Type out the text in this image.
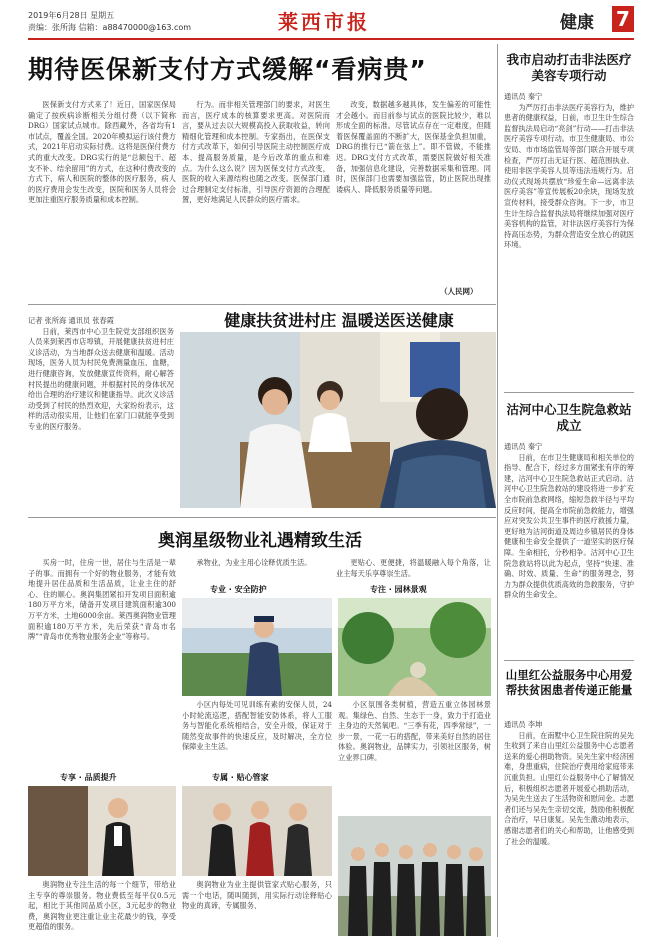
2019年6月28日 星期五
责编：张所海 信箱：a88470000@163.com	莱西市报	健康 7
期待医保新支付方式缓解“看病贵”

医保新支付方式来了！近日，国家医保局确定了按疾病诊断相关分组付费（以下简称DRG）国家试点城市。除西藏外，各省均有1市试点，覆盖全国。2020年模拟运行该付费方式，2021年启动实际付费。这将是医保付费方式的重大改变。DRG实行的是“总额包干、超支不补、结余留用”的方式，在这种付费改变的方式下，病人和医院的整体的医疗服务，病人的医疗费用会发生改变，医院和医务人员将会更加注重医疗服务质量和成本控制。

行为。而非相关管理部门的要求，对医生而言，医疗成本的核算要求更高。对医院而言，要从过去以大规模高投入获取收益，转向精细化管理和成本控制。专家指出，在医保支付方式改革下，如何引导医院主动控制医疗成本、提高服务质量，是今后改革的重点和难点。为什么这么说？因为医保支付方式改变，医院的收入来源结构也随之改变。医保部门通过合理制定支付标准，引导医疗资源的合理配置，更好地满足人民群众的医疗需求。

改变，数据越多越具体，发生偏差的可能性才会越小。而目前参与试点的医院比较少，难以形成全面的标准。尽管试点存在一定难度，但随着医保覆盖面的不断扩大，医保基金负担加重，DRG的推行已“箭在弦上”。即不管做，不能推迟。DRG支付方式改革，需要医院做好相关准备，加强信息化建设，完善数据采集和管理。同时，医保部门也需要加强监管，防止医院出现推诿病人、降低服务质量等问题。

（人民网）
健康扶贫进村庄 温暖送医送健康

记者 张所海 通讯员 张春霞

日前，莱西市中心卫生院党支部组织医务人员来到莱西市店埠镇，开展健康扶贫进村庄义诊活动，为当地群众送去健康和温暖。活动现场，医务人员为村民免费测量血压、血糖，进行健康咨询，发放健康宣传资料，耐心解答村民提出的健康问题，并根据村民的身体状况给出合理的治疗建议和健康指导。此次义诊活动受到了村民的热烈欢迎，大家纷纷表示，这样的活动很实用，让他们在家门口就能享受到专业的医疗服务。

奥润星级物业礼遇精致生活

买房一时，住房一世，居住与生活是一辈子的事。而拥有一个好的物业服务，才能有效地提升居住品质和生活品质，让业主住的舒心、住的顺心。奥润集团紧扣开发项目面积逾180万平方米，储备开发项目建筑面积逾300万平方米，土地6000余亩。莱西奥润物业管理面积逾180万平方米，先后荣获“青岛市名牌”“青岛市优秀物业服务企业”等称号。

承物业，为业主用心诠释优质生活。	更贴心、更便捷，将温暖融入每个角落，让业主每天乐享尊崇生活。

专业 · 安全防护

小区内每处可见训练有素的安保人员，24小时轮流巡逻，搭配智能安防体系，将人工服务与智能化系统相结合，安全升级，保证对于随然变故事件的快速反应，及时解决，全方位保障业主生活。

专注 · 园林景观

小区氛围各类树植，营造五重立体园林景观。集绿色、自然、生态于一身，致力于打造业主身边的天然氧吧。“三季有花，四季常绿”，一步一景，一花一石的搭配，带来美好自然的居住体验。奥润物业，品牌实力，引领社区服务，树立业界口碑。

专享 · 品质提升

奥润物业专注生活的每一个细节，带给业主专享的尊崇服务。物业费低至每平仅0.5元起，相比于其他同品质小区，3元起步的物业费，奥润物业更注重让业主花最少的钱，享受更超值的服务。

专属 · 贴心管家

奥润物业为业主提供管家式贴心服务，只需一个电话，随叫随到，用实际行动诠释贴心物业的真谛，专属服务、

我市启动打击非法医疗美容专项行动

通讯员 秦宁

为严厉打击非法医疗美容行为，维护患者的健康权益，日前，市卫生计生综合监督执法局启动“亮剑”行动——打击非法医疗美容专项行动。市卫生健康局、市公安局、市市场监管局等部门联合开展专项检查，严厉打击无证行医、超范围执业、使用非医学美容人员等违法违规行为。启动仪式现场共摆放“珍爱生命—远离非法医疗美容”等宣传展板20余块，现场发放宣传材料，接受群众咨询。下一步，市卫生计生综合监督执法局将继续加强对医疗美容机构的监管，对非法医疗美容行为保持高压态势，为群众营造安全放心的就医环境。

沽河中心卫生院急救站成立

通讯员 秦宁

日前，在市卫生健康局和相关单位的指导、配合下，经过多方面紧张有序的筹建，沽河中心卫生院急救站正式启动。沽河中心卫生院急救站的建设将进一步扩充全市院前急救网络，缩短急救半径与平均反应时间，提高全市院前急救能力，增强应对突发公共卫生事件的医疗救援力量，更好地为沽河街道及周边乡镇居民的身体健康和生命安全提供了一道坚实的医疗保障。生命相托，分秒相争。沽河中心卫生院急救站将以此为起点，坚持“快速、准确、时效、质量、生命”的服务理念，努力为群众提供优质高效的急救服务，守护群众的生命安全。

山里红公益服务中心用爱帮扶贫困患者传递正能量

通讯员 李坤

日前，在南墅中心卫生院住院的吴先生收到了来自山里红公益服务中心志愿者送来的爱心捐助物资。吴先生家中经济困难，身患重病，住院治疗费用给家庭带来沉重负担。山里红公益服务中心了解情况后，积极组织志愿者开展爱心捐助活动，为吴先生送去了生活物资和慰问金。志愿者们还与吴先生亲切交流，鼓励他积极配合治疗，早日康复。吴先生激动地表示，感谢志愿者们的关心和帮助，让他感受到了社会的温暖。
